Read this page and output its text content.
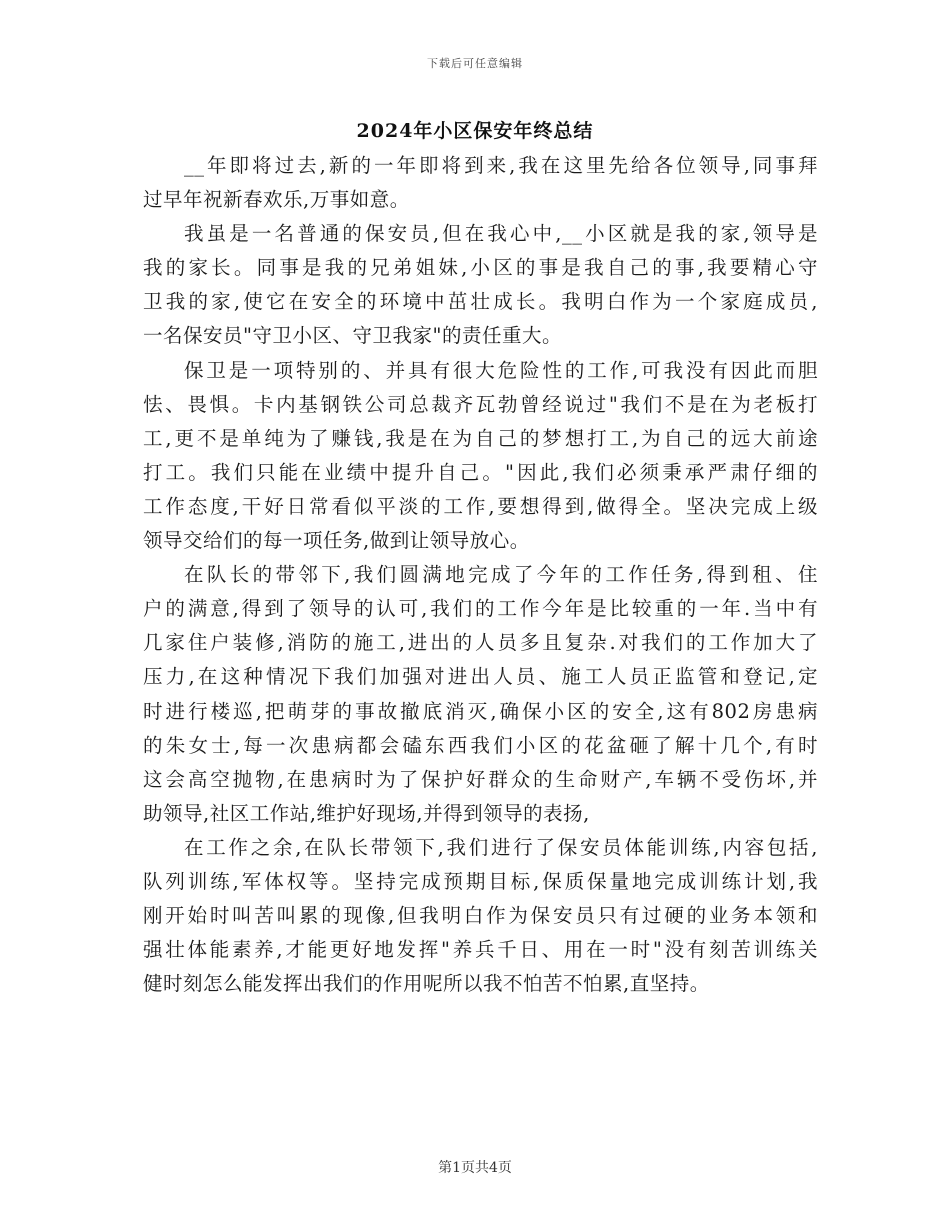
下载后可任意编辑
2024年小区保安年终总结
__年即将过去,新的一年即将到来,我在这里先给各位领导,同事拜
过早年祝新春欢乐,万事如意。
我虽是一名普通的保安员,但在我心中,__小区就是我的家,领导是
我的家长。同事是我的兄弟姐妹,小区的事是我自己的事,我要精心守
卫我的家,使它在安全的环境中茁壮成长。我明白作为一个家庭成员,
一名保安员"守卫小区、守卫我家"的责任重大。
保卫是一项特别的、并具有很大危险性的工作,可我没有因此而胆
怯、畏惧。卡内基钢铁公司总裁齐瓦勃曾经说过"我们不是在为老板打
工,更不是单纯为了赚钱,我是在为自己的梦想打工,为自己的远大前途
打工。我们只能在业绩中提升自己。"因此,我们必须秉承严肃仔细的
工作态度,干好日常看似平淡的工作,要想得到,做得全。坚决完成上级
领导交给们的每一项任务,做到让领导放心。
在队长的带邻下,我们圆满地完成了今年的工作任务,得到租、住
户的满意,得到了领导的认可,我们的工作今年是比较重的一年.当中有
几家住户装修,消防的施工,进出的人员多且复杂.对我们的工作加大了
压力,在这种情况下我们加强对进出人员、施工人员正监管和登记,定
时进行楼巡,把萌芽的事故撤底消灭,确保小区的安全,这有802房患病
的朱女士,每一次患病都会磕东西我们小区的花盆砸了解十几个,有时
这会高空抛物,在患病时为了保护好群众的生命财产,车辆不受伤坏,并
助领导,社区工作站,维护好现场,并得到领导的表扬,
在工作之余,在队长带领下,我们进行了保安员体能训练,内容包括,
队列训练,军体权等。坚持完成预期目标,保质保量地完成训练计划,我
刚开始时叫苦叫累的现像,但我明白作为保安员只有过硬的业务本领和
强壮体能素养,才能更好地发挥"养兵千日、用在一时"没有刻苦训练关
健时刻怎么能发挥出我们的作用呢所以我不怕苦不怕累,直坚持。
第1页共4页
